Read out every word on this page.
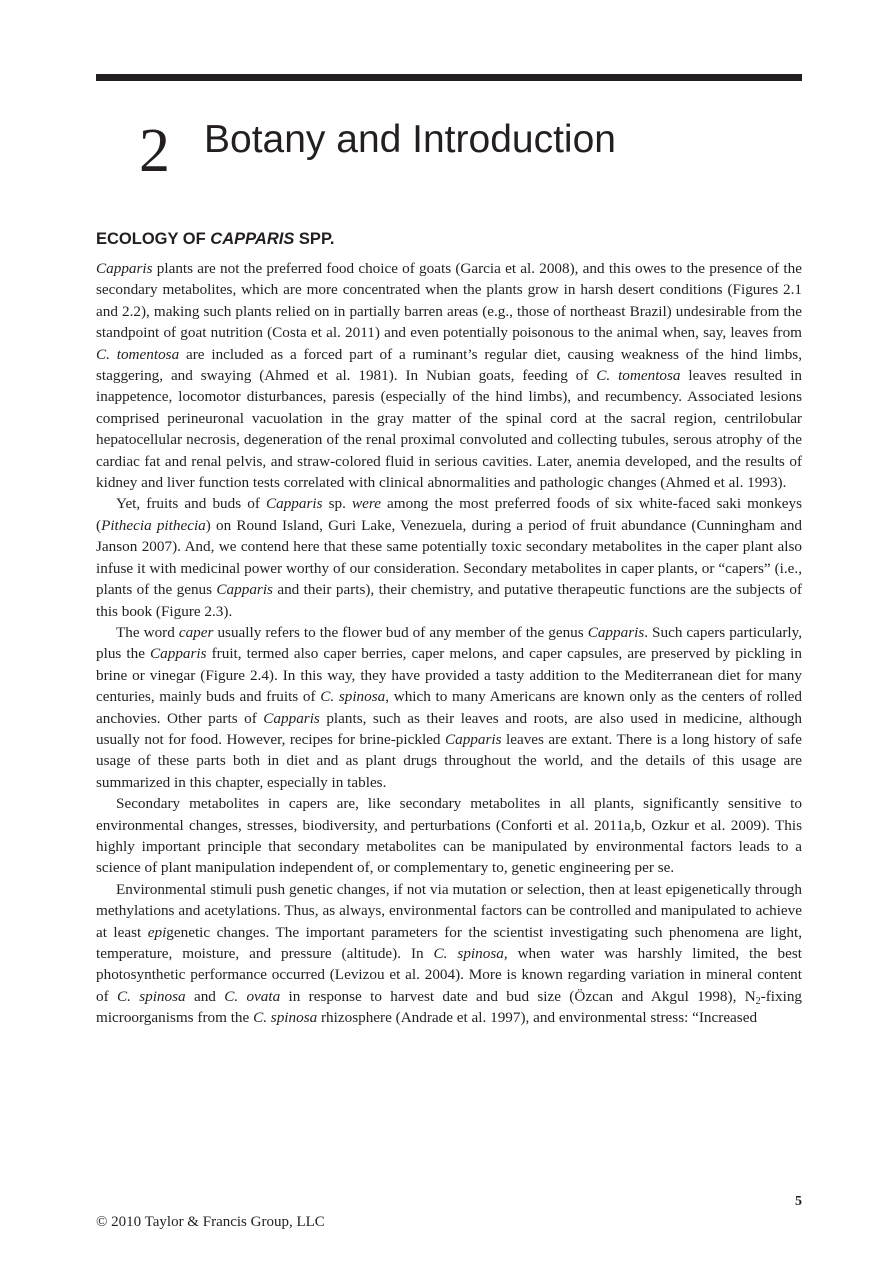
2 Botany and Introduction
ECOLOGY OF CAPPARIS SPP.

Capparis plants are not the preferred food choice of goats (Garcia et al. 2008), and this owes to the presence of the secondary metabolites, which are more concentrated when the plants grow in harsh desert conditions (Figures 2.1 and 2.2), making such plants relied on in partially barren areas (e.g., those of northeast Brazil) undesirable from the standpoint of goat nutrition (Costa et al. 2011) and even potentially poisonous to the animal when, say, leaves from C. tomentosa are included as a forced part of a ruminant’s regular diet, causing weakness of the hind limbs, staggering, and swaying (Ahmed et al. 1981). In Nubian goats, feeding of C. tomentosa leaves resulted in inappetence, locomotor disturbances, paresis (especially of the hind limbs), and recumbency. Associated lesions comprised perineuronal vacuolation in the gray matter of the spinal cord at the sacral region, centrilobular hepatocellular necrosis, degeneration of the renal proximal convoluted and collecting tubules, serous atrophy of the cardiac fat and renal pelvis, and straw-colored fluid in serious cavities. Later, anemia developed, and the results of kidney and liver function tests correlated with clinical abnormalities and pathologic changes (Ahmed et al. 1993).

Yet, fruits and buds of Capparis sp. were among the most preferred foods of six white-faced saki monkeys (Pithecia pithecia) on Round Island, Guri Lake, Venezuela, during a period of fruit abundance (Cunningham and Janson 2007). And, we contend here that these same potentially toxic secondary metabolites in the caper plant also infuse it with medicinal power worthy of our consideration. Secondary metabolites in caper plants, or “capers” (i.e., plants of the genus Capparis and their parts), their chemistry, and putative therapeutic functions are the subjects of this book (Figure 2.3).

The word caper usually refers to the flower bud of any member of the genus Capparis. Such capers particularly, plus the Capparis fruit, termed also caper berries, caper melons, and caper capsules, are preserved by pickling in brine or vinegar (Figure 2.4). In this way, they have provided a tasty addition to the Mediterranean diet for many centuries, mainly buds and fruits of C. spinosa, which to many Americans are known only as the centers of rolled anchovies. Other parts of Capparis plants, such as their leaves and roots, are also used in medicine, although usually not for food. However, recipes for brine-pickled Capparis leaves are extant. There is a long history of safe usage of these parts both in diet and as plant drugs throughout the world, and the details of this usage are summarized in this chapter, especially in tables.

Secondary metabolites in capers are, like secondary metabolites in all plants, significantly sensitive to environmental changes, stresses, biodiversity, and perturbations (Conforti et al. 2011a,b, Ozkur et al. 2009). This highly important principle that secondary metabolites can be manipulated by environmental factors leads to a science of plant manipulation independent of, or complementary to, genetic engineering per se.

Environmental stimuli push genetic changes, if not via mutation or selection, then at least epigenetically through methylations and acetylations. Thus, as always, environmental factors can be controlled and manipulated to achieve at least epigenetic changes. The important parameters for the scientist investigating such phenomena are light, temperature, moisture, and pressure (altitude). In C. spinosa, when water was harshly limited, the best photosynthetic performance occurred (Levizou et al. 2004). More is known regarding variation in mineral content of C. spinosa and C. ovata in response to harvest date and bud size (Özcan and Akgul 1998), $N_2$-fixing microorganisms from the C. spinosa rhizosphere (Andrade et al. 1997), and environmental stress: “Increased

5
© 2010 Taylor & Francis Group, LLC
